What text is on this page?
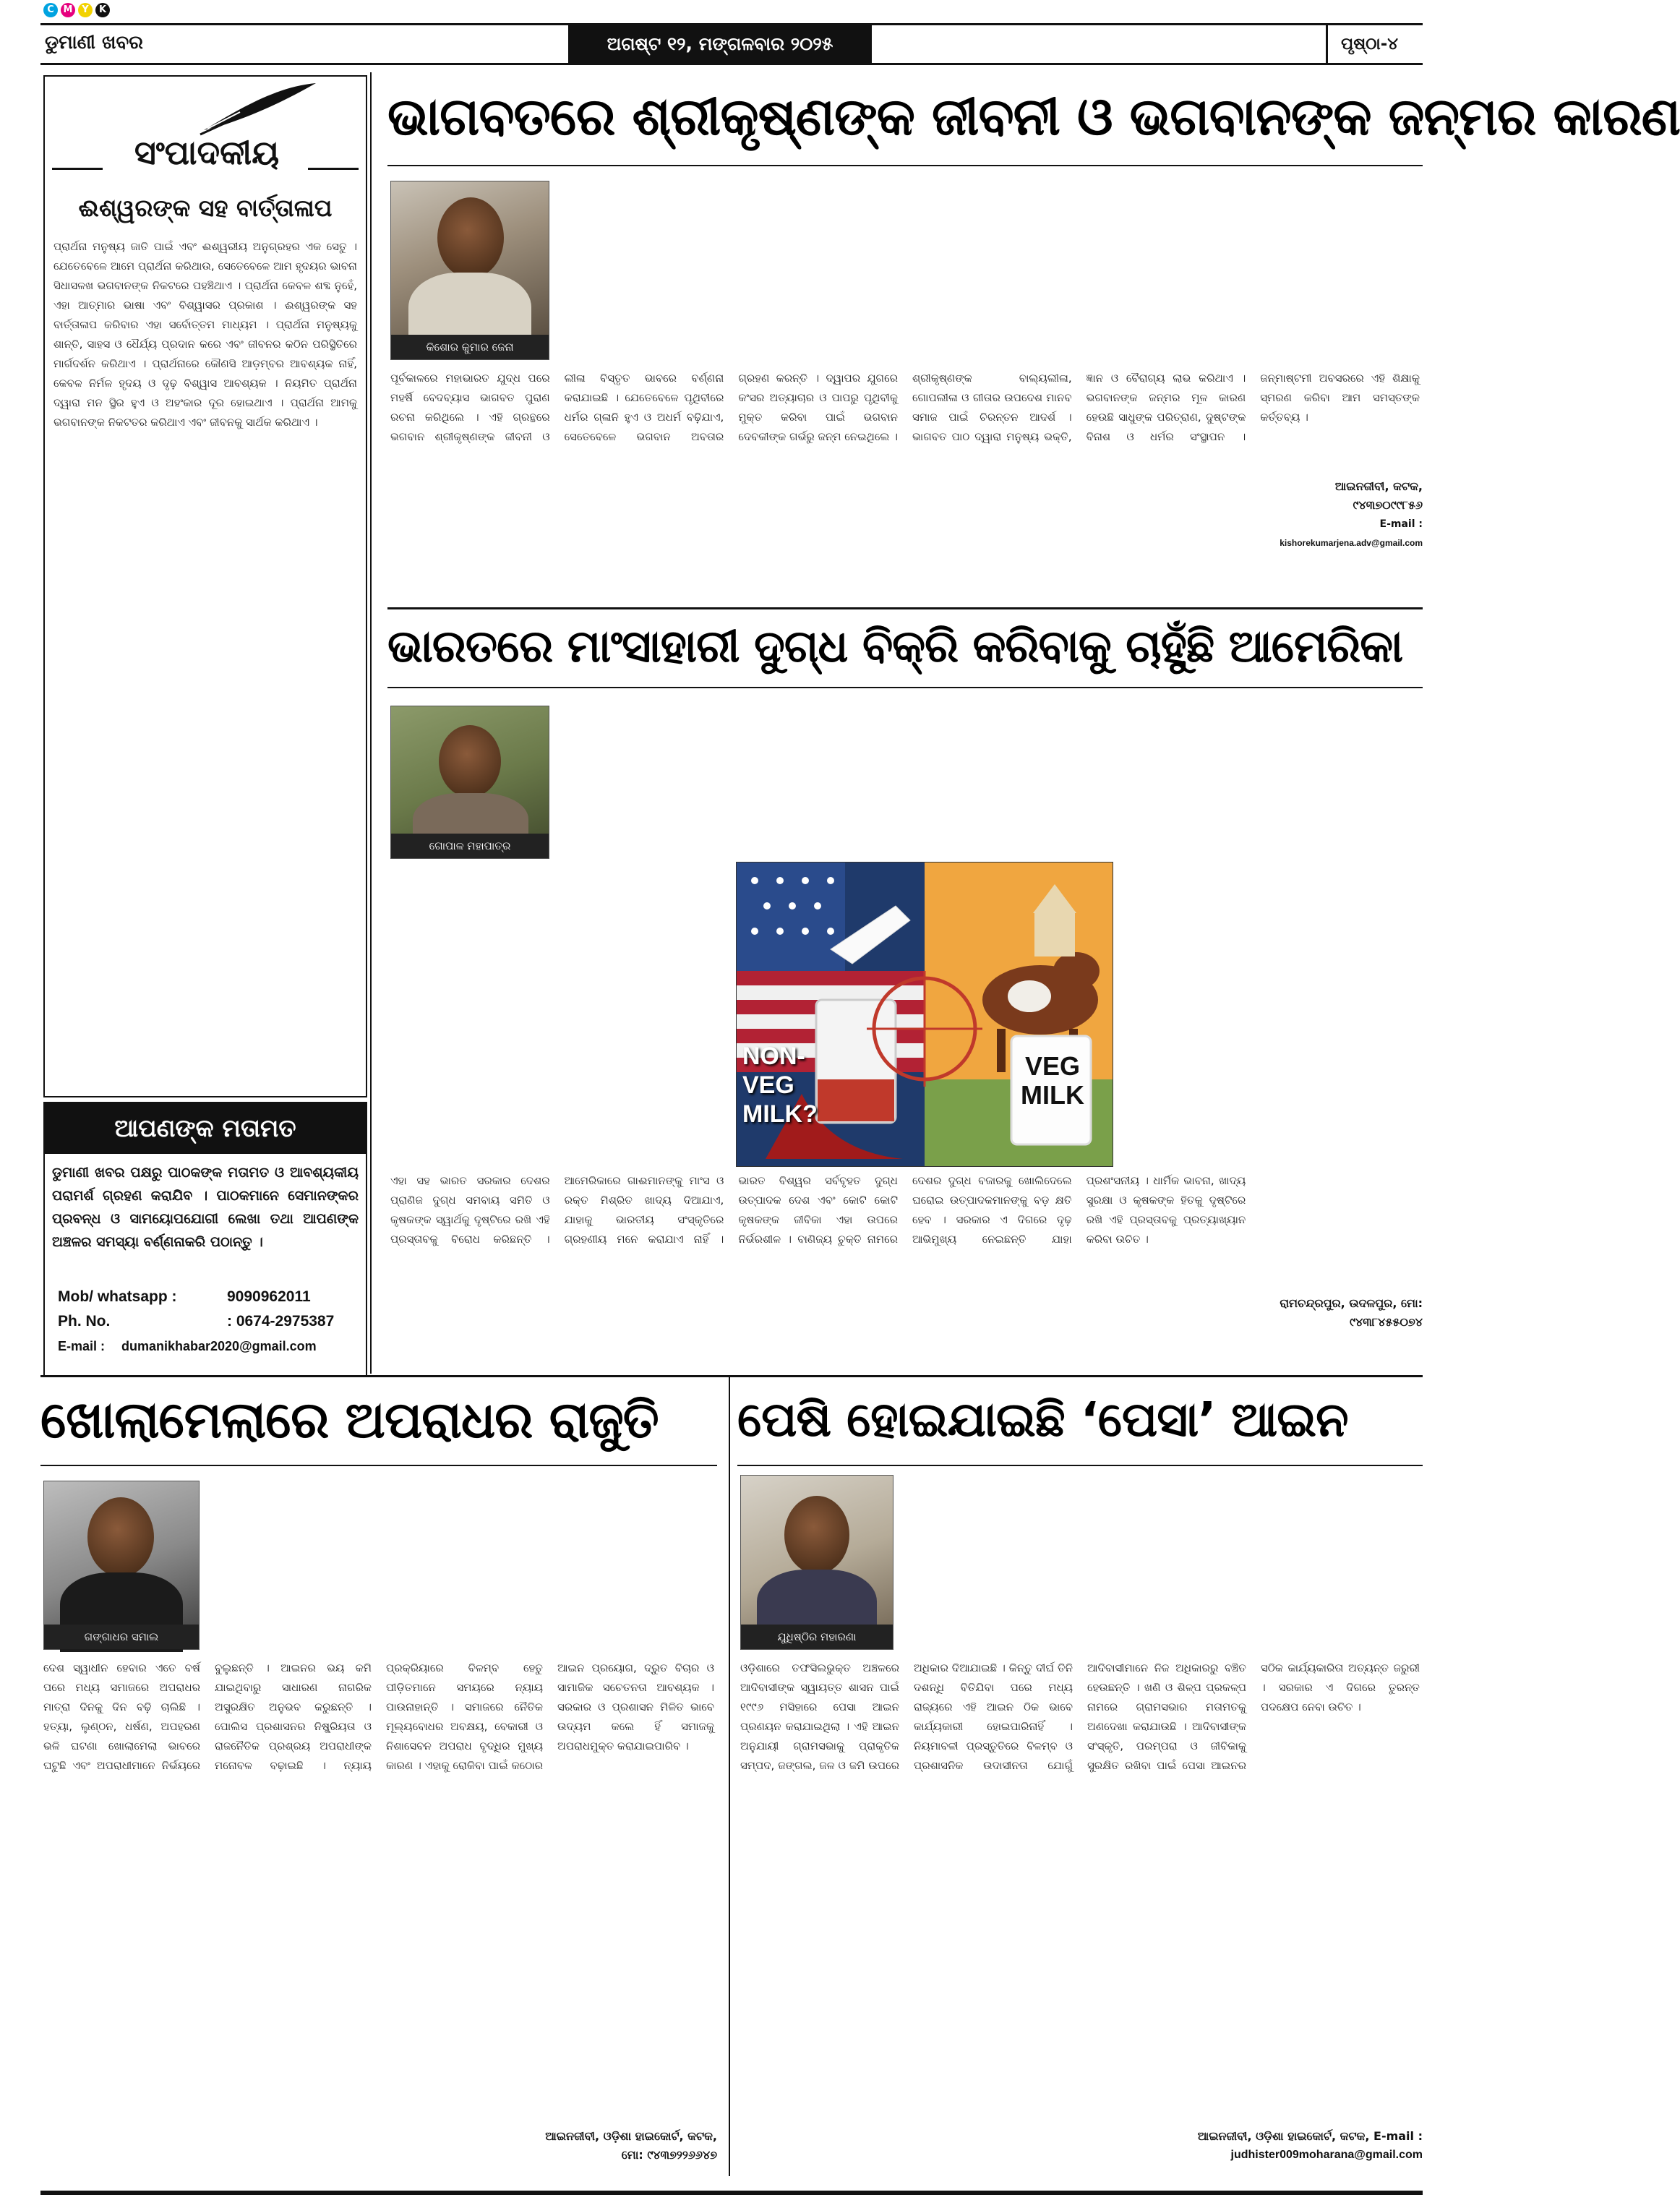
C M Y	K
ଡୁମାଣୀ ଖବର	ଅଗଷ୍ଟ ୧୨, ମଙ୍ଗଳବାର ୨୦୨୫	ପୃଷ୍ଠା-୪
ସଂପାଦକୀୟ
ଈଶ୍ୱରଙ୍କ ସହ ବାର୍ତ୍ତାଳାପ
ପ୍ରାର୍ଥନା ମନୁଷ୍ୟ ଜାତି ପାଇଁ ଏବଂ ଈଶ୍ୱରୀୟ ଅନୁଗ୍ରହର ଏକ ସେତୁ । ଯେତେବେଳେ ଆମେ ପ୍ରାର୍ଥନା କରିଥାଉ, ସେତେବେଳେ ଆମ ହୃଦୟର ଭାବନା ସିଧାସଳଖ ଭଗବାନଙ୍କ ନିକଟରେ ପହଞ୍ଚିଥାଏ । ପ୍ରାର୍ଥନା କେବଳ ଶବ୍ଦ ନୁହେଁ, ଏହା ଆତ୍ମାର ଭାଷା ଏବଂ ବିଶ୍ୱାସର ପ୍ରକାଶ । ଈଶ୍ୱରଙ୍କ ସହ ବାର୍ତ୍ତାଳାପ କରିବାର ଏହା ସର୍ବୋତ୍ତମ ମାଧ୍ୟମ । ପ୍ରାର୍ଥନା ମନୁଷ୍ୟକୁ ଶାନ୍ତି, ସାହସ ଓ ଧୈର୍ଯ୍ୟ ପ୍ରଦାନ କରେ ଏବଂ ଜୀବନର କଠିନ ପରିସ୍ଥିତିରେ ମାର୍ଗଦର୍ଶନ କରିଥାଏ । ପ୍ରାର୍ଥନାରେ କୌଣସି ଆଡ଼ମ୍ବର ଆବଶ୍ୟକ ନାହିଁ, କେବଳ ନିର୍ମଳ ହୃଦୟ ଓ ଦୃଢ଼ ବିଶ୍ୱାସ ଆବଶ୍ୟକ । ନିୟମିତ ପ୍ରାର୍ଥନା ଦ୍ୱାରା ମନ ସ୍ଥିର ହୁଏ ଓ ଅହଂକାର ଦୂର ହୋଇଥାଏ । ପ୍ରାର୍ଥନା ଆମକୁ ଭଗବାନଙ୍କ ନିକଟତର କରିଥାଏ ଏବଂ ଜୀବନକୁ ସାର୍ଥକ କରିଥାଏ ।
ଆପଣଙ୍କ ମତାମତ
ଡୁମାଣୀ ଖବର ପକ୍ଷରୁ ପାଠକଙ୍କ ମତାମତ ଓ ଆବଶ୍ୟକୀୟ ପରାମର୍ଶ ଗ୍ରହଣ କରାଯିବ । ପାଠକମାନେ ସେମାନଙ୍କର ପ୍ରବନ୍ଧ ଓ ସାମୟୋପଯୋଗୀ ଲେଖା ତଥା ଆପଣଙ୍କ ଅଞ୍ଚଳର ସମସ୍ୟା ବର୍ଣ୍ଣନାକରି ପଠାନ୍ତୁ ।
Mob/ whatsapp :	9090962011
Ph. No.	: 0674-2975387
E-mail : dumanikhabar2020@gmail.com
ଭାଗବତରେ ଶ୍ରୀକୃଷ୍ଣଙ୍କ ଜୀବନୀ ଓ ଭଗବାନଙ୍କ ଜନ୍ମର କାରଣ
କିଶୋର କୁମାର ଜେନା
ପୂର୍ବକାଳରେ ମହାଭାରତ ଯୁଦ୍ଧ ପରେ ମହର୍ଷି ବେଦବ୍ୟାସ ଭାଗବତ ପୁରାଣ ରଚନା କରିଥିଲେ । ଏହି ଗ୍ରନ୍ଥରେ ଭଗବାନ ଶ୍ରୀକୃଷ୍ଣଙ୍କ ଜୀବନୀ ଓ ଲୀଳା ବିସ୍ତୃତ ଭାବରେ ବର୍ଣ୍ଣନା କରାଯାଇଛି । ଯେତେବେଳେ ପୃଥିବୀରେ ଧର୍ମର ଗ୍ଳାନି ହୁଏ ଓ ଅଧର୍ମ ବଢ଼ିଯାଏ, ସେତେବେଳେ ଭଗବାନ ଅବତାର ଗ୍ରହଣ କରନ୍ତି । ଦ୍ୱାପର ଯୁଗରେ କଂସର ଅତ୍ୟାଚାର ଓ ପାପରୁ ପୃଥିବୀକୁ ମୁକ୍ତ କରିବା ପାଇଁ ଭଗବାନ ଦେବକୀଙ୍କ ଗର୍ଭରୁ ଜନ୍ମ ନେଇଥିଲେ । ଶ୍ରୀକୃଷ୍ଣଙ୍କ ବାଲ୍ୟଲୀଳା, ଗୋପଲୀଳା ଓ ଗୀତାର ଉପଦେଶ ମାନବ ସମାଜ ପାଇଁ ଚିରନ୍ତନ ଆଦର୍ଶ । ଭାଗବତ ପାଠ ଦ୍ୱାରା ମନୁଷ୍ୟ ଭକ୍ତି, ଜ୍ଞାନ ଓ ବୈରାଗ୍ୟ ଲାଭ କରିଥାଏ । ଭଗବାନଙ୍କ ଜନ୍ମର ମୂଳ କାରଣ ହେଉଛି ସାଧୁଙ୍କ ପରିତ୍ରାଣ, ଦୁଷ୍ଟଙ୍କ ବିନାଶ ଓ ଧର୍ମର ସଂସ୍ଥାପନ । ଜନ୍ମାଷ୍ଟମୀ ଅବସରରେ ଏହି ଶିକ୍ଷାକୁ ସ୍ମରଣ କରିବା ଆମ ସମସ୍ତଙ୍କ କର୍ତ୍ତବ୍ୟ ।
ଆଇନଜୀବୀ, କଟକ,
୯୪୩୭୦୯୯୮୫୬
E-mail :
kishorekumarjena.adv@gmail.com
ଭାରତରେ ମାଂସାହାରୀ ଦୁଗ୍ଧ ବିକ୍ରି କରିବାକୁ ଚାହୁଁଛି ଆମେରିକା
ଗୋପାଳ ମହାପାତ୍ର
NON-VEG MILK?
VEG MILK
ଏହା ସହ ଭାରତ ସରକାର ଦେଶର ପ୍ରାଣିଜ ଦୁଗ୍ଧ ସମବାୟ ସମିତି ଓ କୃଷକଙ୍କ ସ୍ୱାର୍ଥକୁ ଦୃଷ୍ଟିରେ ରଖି ଏହି ପ୍ରସ୍ତାବକୁ ବିରୋଧ କରିଛନ୍ତି । ଆମେରିକାରେ ଗାଈମାନଙ୍କୁ ମାଂସ ଓ ରକ୍ତ ମିଶ୍ରିତ ଖାଦ୍ୟ ଦିଆଯାଏ, ଯାହାକୁ ଭାରତୀୟ ସଂସ୍କୃତିରେ ଗ୍ରହଣୀୟ ମନେ କରାଯାଏ ନାହିଁ । ଭାରତ ବିଶ୍ୱର ସର୍ବବୃହତ ଦୁଗ୍ଧ ଉତ୍ପାଦକ ଦେଶ ଏବଂ କୋଟି କୋଟି କୃଷକଙ୍କ ଜୀବିକା ଏହା ଉପରେ ନିର୍ଭରଶୀଳ । ବାଣିଜ୍ୟ ଚୁକ୍ତି ନାମରେ ଦେଶର ଦୁଗ୍ଧ ବଜାରକୁ ଖୋଲିଦେଲେ ଘରୋଇ ଉତ୍ପାଦକମାନଙ୍କୁ ବଡ଼ କ୍ଷତି ହେବ । ସରକାର ଏ ଦିଗରେ ଦୃଢ଼ ଆଭିମୁଖ୍ୟ ନେଇଛନ୍ତି ଯାହା ପ୍ରଶଂସନୀୟ । ଧାର୍ମିକ ଭାବନା, ଖାଦ୍ୟ ସୁରକ୍ଷା ଓ କୃଷକଙ୍କ ହିତକୁ ଦୃଷ୍ଟିରେ ରଖି ଏହି ପ୍ରସ୍ତାବକୁ ପ୍ରତ୍ୟାଖ୍ୟାନ କରିବା ଉଚିତ ।
ରାମଚନ୍ଦ୍ରପୁର, ଉଦଳପୁର, ମୋ:
୯୪୩୮୪୫୫୦୭୪
ଖୋଲାମେଲାରେ ଅପରାଧର ରାଜୁତି
ଗଙ୍ଗାଧର ସମାଲ
ଦେଶ ସ୍ୱାଧୀନ ହେବାର ଏତେ ବର୍ଷ ପରେ ମଧ୍ୟ ସମାଜରେ ଅପରାଧର ମାତ୍ରା ଦିନକୁ ଦିନ ବଢ଼ି ଚାଲିଛି । ହତ୍ୟା, ଲୁଣ୍ଠନ, ଧର୍ଷଣ, ଅପହରଣ ଭଳି ଘଟଣା ଖୋଲାମେଲା ଭାବରେ ଘଟୁଛି ଏବଂ ଅପରାଧୀମାନେ ନିର୍ଭୟରେ ବୁଲୁଛନ୍ତି । ଆଇନର ଭୟ କମି ଯାଇଥିବାରୁ ସାଧାରଣ ନାଗରିକ ଅସୁରକ୍ଷିତ ଅନୁଭବ କରୁଛନ୍ତି । ପୋଲିସ ପ୍ରଶାସନର ନିଷ୍କ୍ରିୟତା ଓ ରାଜନୈତିକ ପ୍ରଶ୍ରୟ ଅପରାଧୀଙ୍କ ମନୋବଳ ବଢ଼ାଇଛି । ନ୍ୟାୟ ପ୍ରକ୍ରିୟାରେ ବିଳମ୍ବ ହେତୁ ପୀଡ଼ିତମାନେ ସମୟରେ ନ୍ୟାୟ ପାଉନାହାନ୍ତି । ସମାଜରେ ନୈତିକ ମୂଲ୍ୟବୋଧର ଅବକ୍ଷୟ, ବେକାରୀ ଓ ନିଶାସେବନ ଅପରାଧ ବୃଦ୍ଧିର ମୁଖ୍ୟ କାରଣ । ଏହାକୁ ରୋକିବା ପାଇଁ କଠୋର ଆଇନ ପ୍ରୟୋଗ, ଦ୍ରୁତ ବିଚାର ଓ ସାମାଜିକ ସଚେତନତା ଆବଶ୍ୟକ । ସରକାର ଓ ପ୍ରଶାସନ ମିଳିତ ଭାବେ ଉଦ୍ୟମ କଲେ ହିଁ ସମାଜକୁ ଅପରାଧମୁକ୍ତ କରାଯାଇପାରିବ ।
ଆଇନଜୀବୀ, ଓଡ଼ିଶା ହାଇକୋର୍ଟ, କଟକ,
ମୋ: ୯୪୩୭୨୨୬୬୪୭
ପେଷି ହୋଇଯାଇଛି ‘ପେସା’ ଆଇନ
ଯୁଧିଷ୍ଠିର ମହାରଣା
ଓଡ଼ିଶାରେ ତଫସିଲଭୁକ୍ତ ଅଞ୍ଚଳରେ ଆଦିବାସୀଙ୍କ ସ୍ୱାୟତ୍ତ ଶାସନ ପାଇଁ ୧୯୯୬ ମସିହାରେ ପେସା ଆଇନ ପ୍ରଣୟନ କରାଯାଇଥିଲା । ଏହି ଆଇନ ଅନୁଯାୟୀ ଗ୍ରାମସଭାକୁ ପ୍ରାକୃତିକ ସମ୍ପଦ, ଜଙ୍ଗଲ, ଜଳ ଓ ଜମି ଉପରେ ଅଧିକାର ଦିଆଯାଇଛି । କିନ୍ତୁ ଦୀର୍ଘ ତିନି ଦଶନ୍ଧି ବିତିଯିବା ପରେ ମଧ୍ୟ ରାଜ୍ୟରେ ଏହି ଆଇନ ଠିକ ଭାବେ କାର୍ଯ୍ୟକାରୀ ହୋଇପାରିନାହିଁ । ନିୟମାବଳୀ ପ୍ରସ୍ତୁତିରେ ବିଳମ୍ବ ଓ ପ୍ରଶାସନିକ ଉଦାସୀନତା ଯୋଗୁଁ ଆଦିବାସୀମାନେ ନିଜ ଅଧିକାରରୁ ବଞ୍ଚିତ ହେଉଛନ୍ତି । ଖଣି ଓ ଶିଳ୍ପ ପ୍ରକଳ୍ପ ନାମରେ ଗ୍ରାମସଭାର ମତାମତକୁ ଅଣଦେଖା କରାଯାଉଛି । ଆଦିବାସୀଙ୍କ ସଂସ୍କୃତି, ପରମ୍ପରା ଓ ଜୀବିକାକୁ ସୁରକ୍ଷିତ ରଖିବା ପାଇଁ ପେସା ଆଇନର ସଠିକ କାର୍ଯ୍ୟକାରିତା ଅତ୍ୟନ୍ତ ଜରୁରୀ । ସରକାର ଏ ଦିଗରେ ତୁରନ୍ତ ପଦକ୍ଷେପ ନେବା ଉଚିତ ।
ଆଇନଜୀବୀ, ଓଡ଼ିଶା ହାଇକୋର୍ଟ, କଟକ, E-mail :
judhister009moharana@gmail.com
